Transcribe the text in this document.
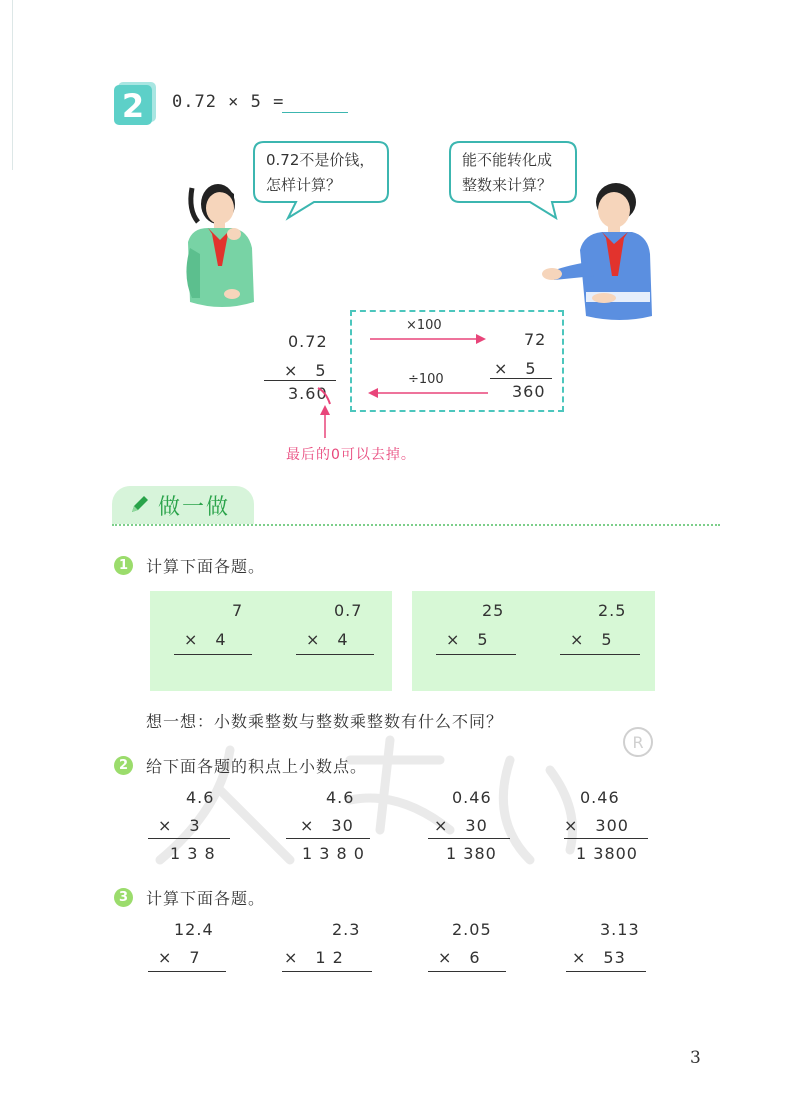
2 0.72 × 5 =
0.72不是价钱，
怎样计算？
能不能转化成
整数来计算？
0.72
×　5
3.60
×100
÷100
72
×　5
360
最后的0可以去掉。
做一做
1	计算下面各题。
7
×　4
0.7
×　4
25
×　5
2.5
×　5
想一想：小数乘整数与整数乘整数有什么不同？
R
2	给下面各题的积点上小数点。
4.6
×　3
1 3 8
4.6
×　30
1 3 8 0
0.46
×　30
1 380
0.46
×　300
1 3800
3	计算下面各题。
12.4
×　7
2.3
×　1 2
2.05
×　6
3.13
×　53
3
